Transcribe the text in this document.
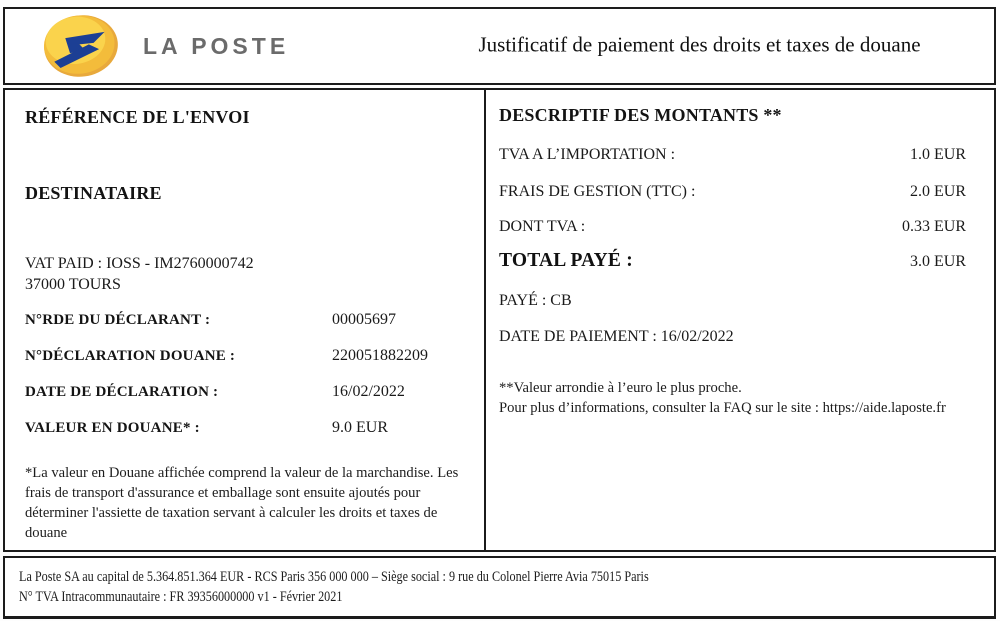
LA POSTE	Justificatif de paiement des droits et taxes de douane
RÉFÉRENCE DE L'ENVOI
DESTINATAIRE
VAT PAID : IOSS - IM2760000742
37000 TOURS
N°RDE DU DÉCLARANT :	00005697
N°DÉCLARATION DOUANE :	220051882209
DATE DE DÉCLARATION :	16/02/2022
VALEUR EN DOUANE* :	9.0 EUR
*La valeur en Douane affichée comprend la valeur de la marchandise. Les frais de transport d'assurance et emballage sont ensuite ajoutés pour déterminer l'assiette de taxation servant à calculer les droits et taxes de douane
DESCRIPTIF DES MONTANTS **
TVA A L’IMPORTATION :	1.0 EUR
FRAIS DE GESTION (TTC) :	2.0 EUR
DONT TVA :	0.33 EUR
TOTAL PAYÉ :	3.0 EUR
PAYÉ : CB
DATE DE PAIEMENT : 16/02/2022
**Valeur arrondie à l’euro le plus proche.
Pour plus d’informations, consulter la FAQ sur le site : https://aide.laposte.fr
La Poste SA au capital de 5.364.851.364 EUR - RCS Paris 356 000 000 – Siège social : 9 rue du Colonel Pierre Avia 75015 Paris
N° TVA Intracommunautaire : FR 39356000000 v1 - Février 2021
